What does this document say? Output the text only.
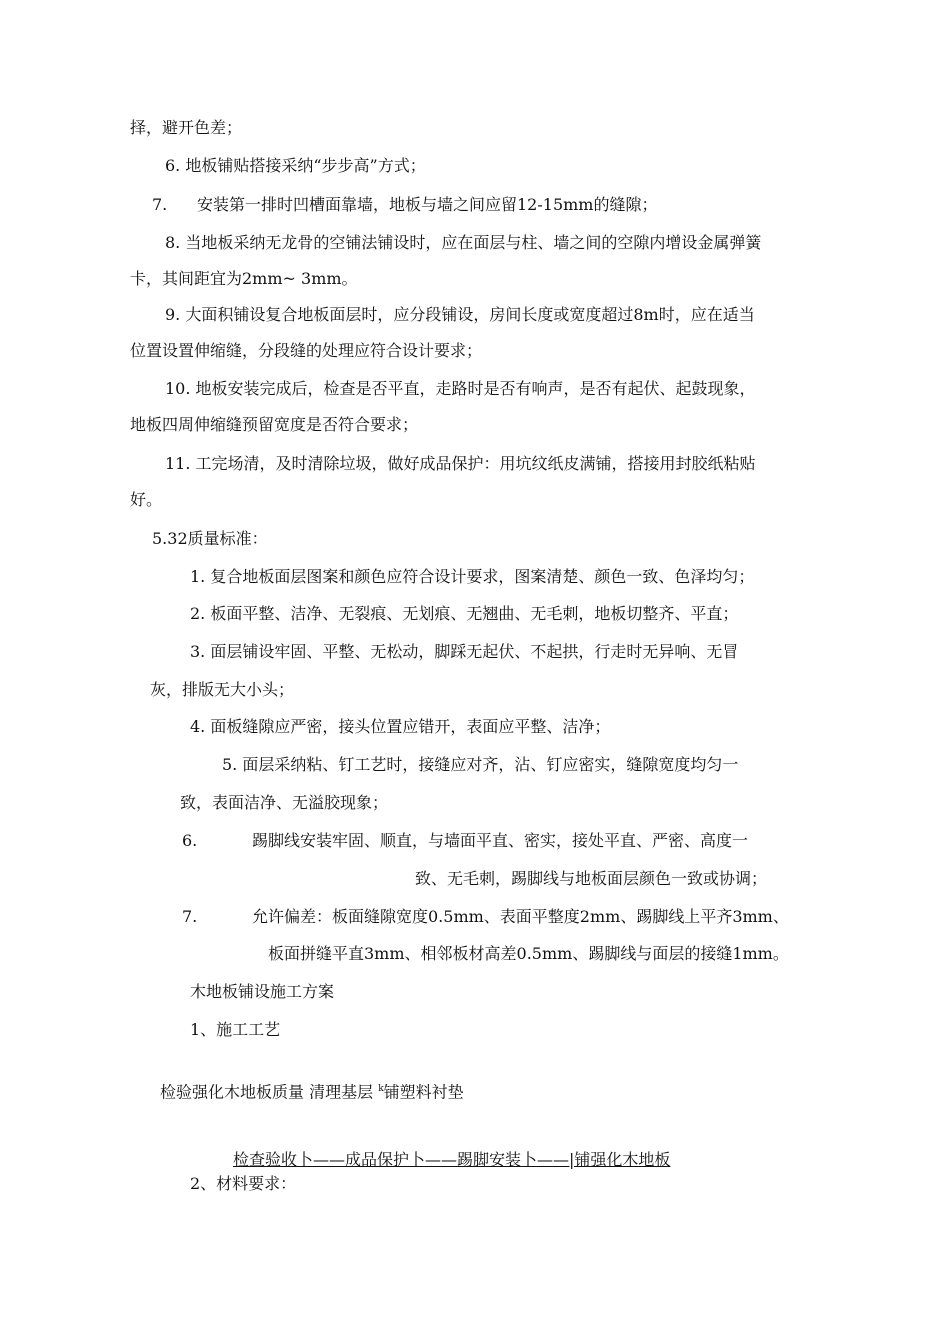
择，避开色差；
6. 地板铺贴搭接采纳“步步高”方式；
7. 安装第一排时凹槽面靠墙，地板与墙之间应留12-15mm的缝隙；
8. 当地板采纳无龙骨的空铺法铺设时，应在面层与柱、墙之间的空隙内增设金属弹簧
卡，其间距宜为2mm~ 3mm。
9. 大面积铺设复合地板面层时，应分段铺设，房间长度或宽度超过8m时，应在适当
位置设置伸缩缝，分段缝的处理应符合设计要求；
10. 地板安装完成后，检查是否平直，走路时是否有响声，是否有起伏、起鼓现象，
地板四周伸缩缝预留宽度是否符合要求；
11. 工完场清，及时清除垃圾，做好成品保护：用坑纹纸皮满铺，搭接用封胶纸粘贴
好。
5.32质量标准：
1. 复合地板面层图案和颜色应符合设计要求，图案清楚、颜色一致、色泽均匀；
2. 板面平整、洁净、无裂痕、无划痕、无翘曲、无毛刺，地板切整齐、平直；
3. 面层铺设牢固、平整、无松动，脚踩无起伏、不起拱，行走时无异响、无冒
灰，排版无大小头；
4. 面板缝隙应严密，接头位置应错开，表面应平整、洁净；
5. 面层采纳粘、钉工艺时，接缝应对齐，沾、钉应密实，缝隙宽度均匀一
致，表面洁净、无溢胶现象；
6.	踢脚线安装牢固、顺直，与墙面平直、密实，接处平直、严密、高度一
致、无毛刺，踢脚线与地板面层颜色一致或协调；
7.	允许偏差：板面缝隙宽度0.5mm、表面平整度2mm、踢脚线上平齐3mm、
板面拼缝平直3mm、相邻板材高差0.5mm、踢脚线与面层的接缝1mm。
木地板铺设施工方案
1、施工工艺
检验强化木地板质量 清理基层 $^k$铺塑料衬垫
检查验收卜——成品保护卜——踢脚安装卜——|铺强化木地板
2、材料要求：
